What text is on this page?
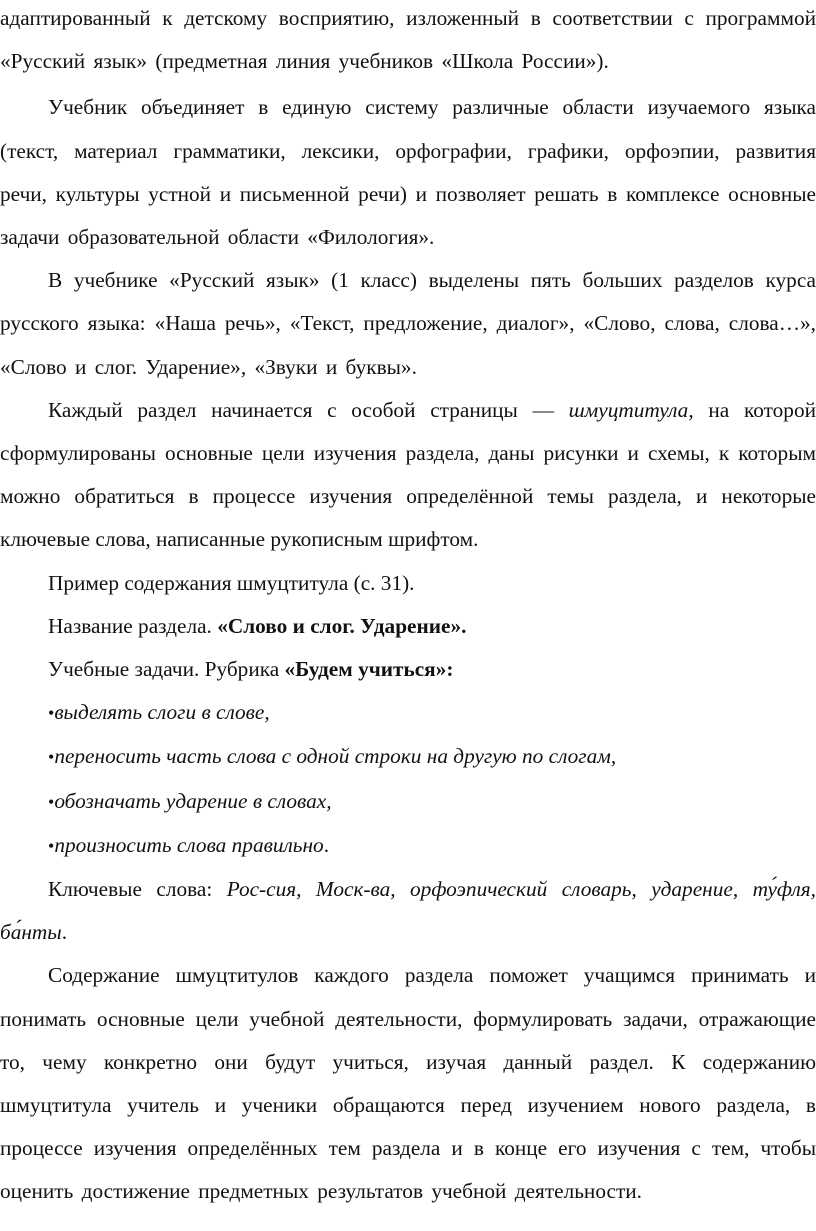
адаптированный к детскому восприятию, изложенный в соответствии с программой «Русский язык» (предметная линия учебников «Школа России»).

Учебник объединяет в единую систему различные области изучаемого языка (текст, материал грамматики, лексики, орфографии, графики, орфоэпии, развития речи, культуры устной и письменной речи) и позволяет решать в комплексе основные задачи образовательной области «Филология».

В учебнике «Русский язык» (1 класс) выделены пять больших разделов курса русского языка: «Наша речь», «Текст, предложение, диалог», «Слово, слова, слова…», «Слово и слог. Ударение», «Звуки и буквы».

Каждый раздел начинается с особой страницы — шмуцтитула, на которой сформулированы основные цели изучения раздела, даны рисунки и схемы, к которым можно обратиться в процессе изучения определённой темы раздела, и некоторые ключевые слова, написанные рукописным шрифтом.

Пример содержания шмуцтитула (с. 31).

Название раздела. «Слово и слог. Ударение».

Учебные задачи. Рубрика «Будем учиться»:

•выделять слоги в слове,

•переносить часть слова с одной строки на другую по слогам,

•обозначать ударение в словах,

•произносить слова правильно.

Ключевые слова: Рос-сия, Моск-ва, орфоэпический словарь, ударение, ту́фля, ба́нты.

Содержание шмуцтитулов каждого раздела поможет учащимся принимать и понимать основные цели учебной деятельности, формулировать задачи, отражающие то, чему конкретно они будут учиться, изучая данный раздел. К содержанию шмуцтитула учитель и ученики обращаются перед изучением нового раздела, в процессе изучения определённых тем раздела и в конце его изучения с тем, чтобы оценить достижение предметных результатов учебной деятельности.
